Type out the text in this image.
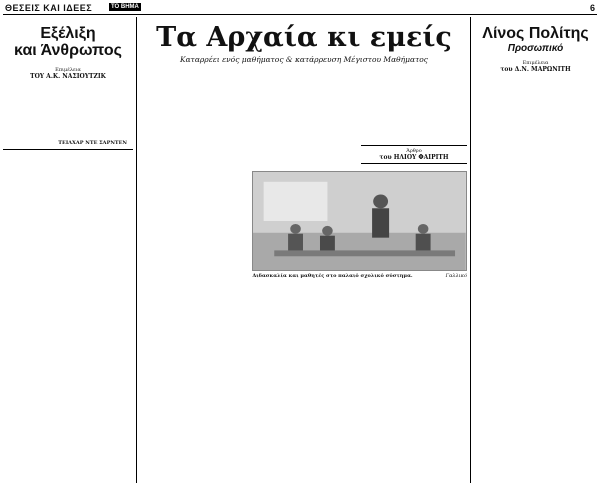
ΘΕΣΕΙΣ ΚΑΙ ΙΔΕΕΣ	ΤΟ ΒΗΜΑ	6
Εξέλιξη
και Άνθρωπος
Επιμέλεια
ΤΟΥ Α.Κ. ΝΑΣΙΟΥΤΖΙΚ
ΤΕΙΛΧΑΡ ΝΤΕ ΣΑΡΝΤΕΝ
Τα Αρχαία κι εμείς
Καταρρέει ενός μαθήματος & κατάρρευση Μέγιστου Μαθήματος
Άρθρο
του ΗΛΙΟΥ ΦΑΙΡΙΤΗ
Διδασκαλία και μαθητές στο παλαιό σχολικό σύστημα.	Γαλλικό
Λίνος Πολίτης
Προσωπικό
Επιμέλεια
του Δ.Ν. ΜΑΡΩΝΙΤΗ
